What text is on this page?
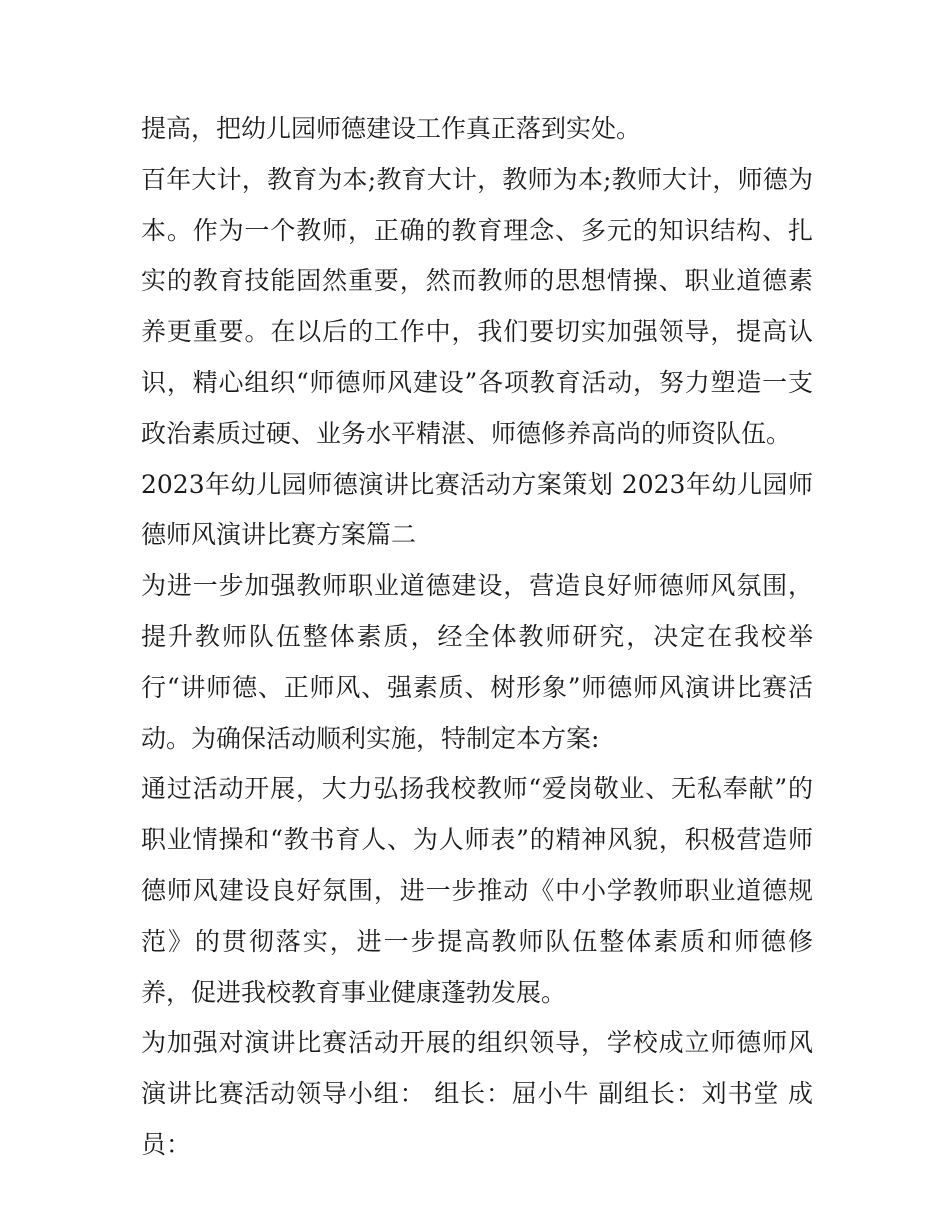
提高，把幼儿园师德建设工作真正落到实处。

百年大计，教育为本;教育大计，教师为本;教师大计，师德为本。作为一个教师，正确的教育理念、多元的知识结构、扎实的教育技能固然重要，然而教师的思想情操、职业道德素养更重要。在以后的工作中，我们要切实加强领导，提高认识，精心组织“师德师风建设”各项教育活动，努力塑造一支政治素质过硬、业务水平精湛、师德修养高尚的师资队伍。

2023年幼儿园师德演讲比赛活动方案策划 2023年幼儿园师德师风演讲比赛方案篇二

为进一步加强教师职业道德建设，营造良好师德师风氛围，提升教师队伍整体素质，经全体教师研究，决定在我校举行“讲师德、正师风、强素质、树形象”师德师风演讲比赛活动。为确保活动顺利实施，特制定本方案:

通过活动开展，大力弘扬我校教师“爱岗敬业、无私奉献”的职业情操和“教书育人、为人师表”的精神风貌，积极营造师德师风建设良好氛围，进一步推动《中小学教师职业道德规范》的贯彻落实，进一步提高教师队伍整体素质和师德修养，促进我校教育事业健康蓬勃发展。

为加强对演讲比赛活动开展的组织领导，学校成立师德师风演讲比赛活动领导小组： 组长：屈小牛 副组长：刘书堂 成员：
